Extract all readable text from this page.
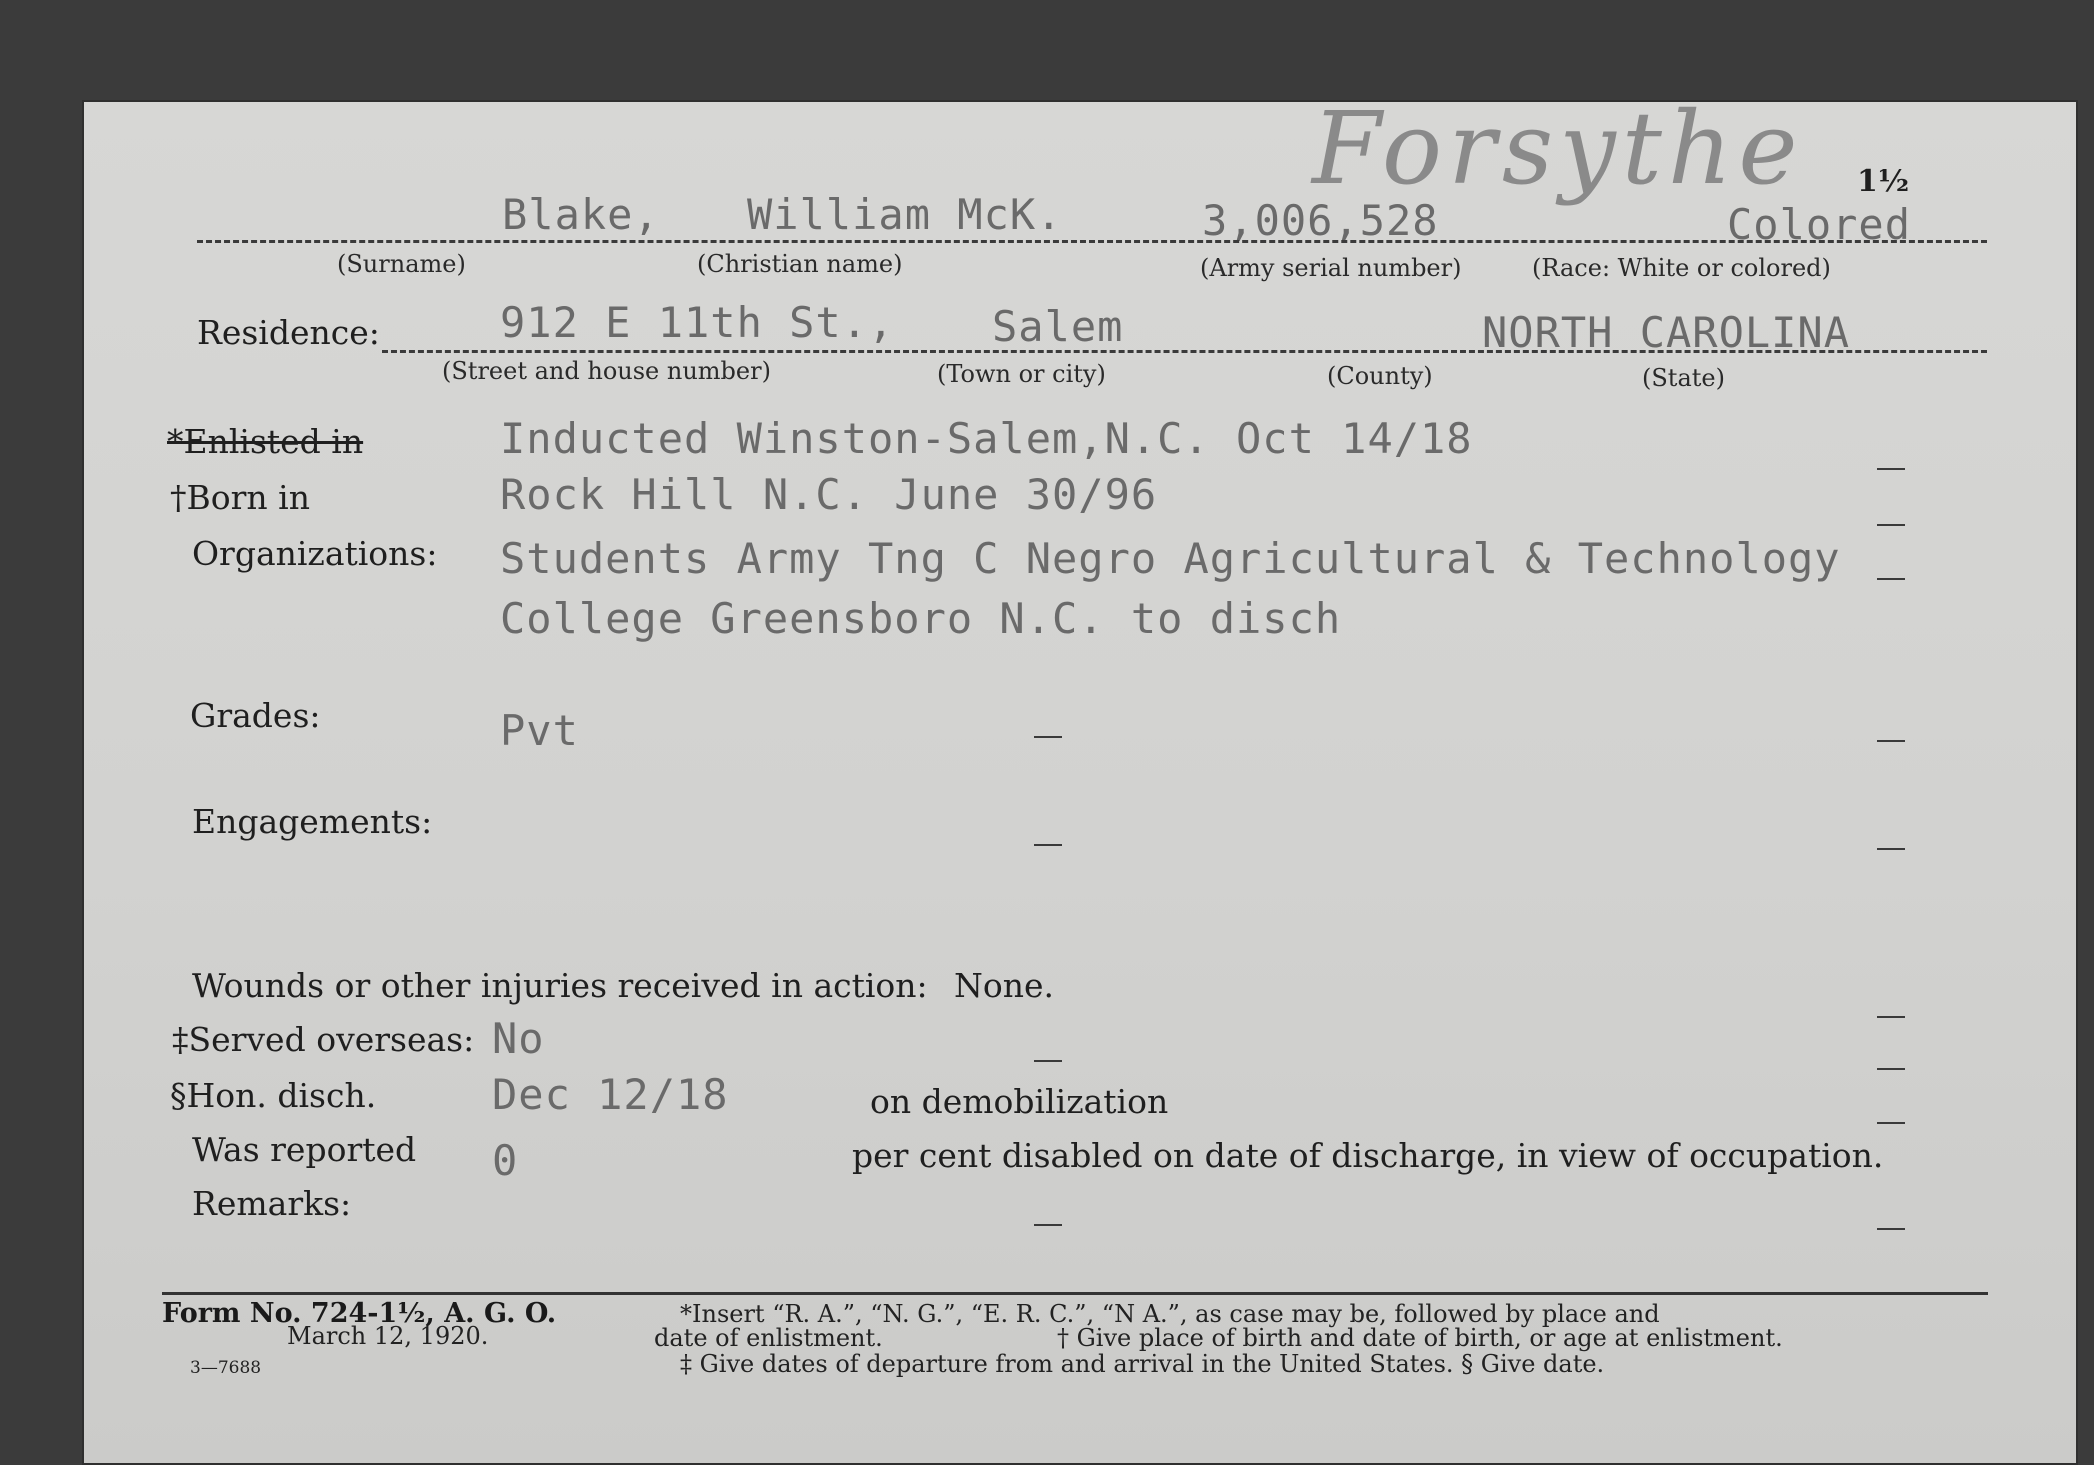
Forsythe 1½
Blake, William McK.	3,006,528	Colored
(Surname)	(Christian name)	(Army serial number)	(Race: White or colored)
Residence:	912 E 11th St., Salem	NORTH CAROLINA
(Street and house number)	(Town or city)	(County)	(State)
*Enlisted in	Inducted Winston-Salem,N.C. Oct 14/18
†Born in	Rock Hill N.C. June 30/96
Organizations: Students Army Tng C Negro Agricultural & Technology
College Greensboro N.C. to disch
Grades:	Pvt
Engagements:
Wounds or other injuries received in action: None.
‡Served overseas: No
§Hon. disch.	Dec 12/18	on demobilization
Was reported 0	per cent disabled on date of discharge, in view of occupation.
Remarks:
Form No. 724-1½, A. G. O.
March 12, 1920.
3—7688
*Insert “R. A.”, “N. G.”, “E. R. C.”, “N A.”, as case may be, followed by place and
date of enlistment.	† Give place of birth and date of birth, or age at enlistment.
‡ Give dates of departure from and arrival in the United States. § Give date.
